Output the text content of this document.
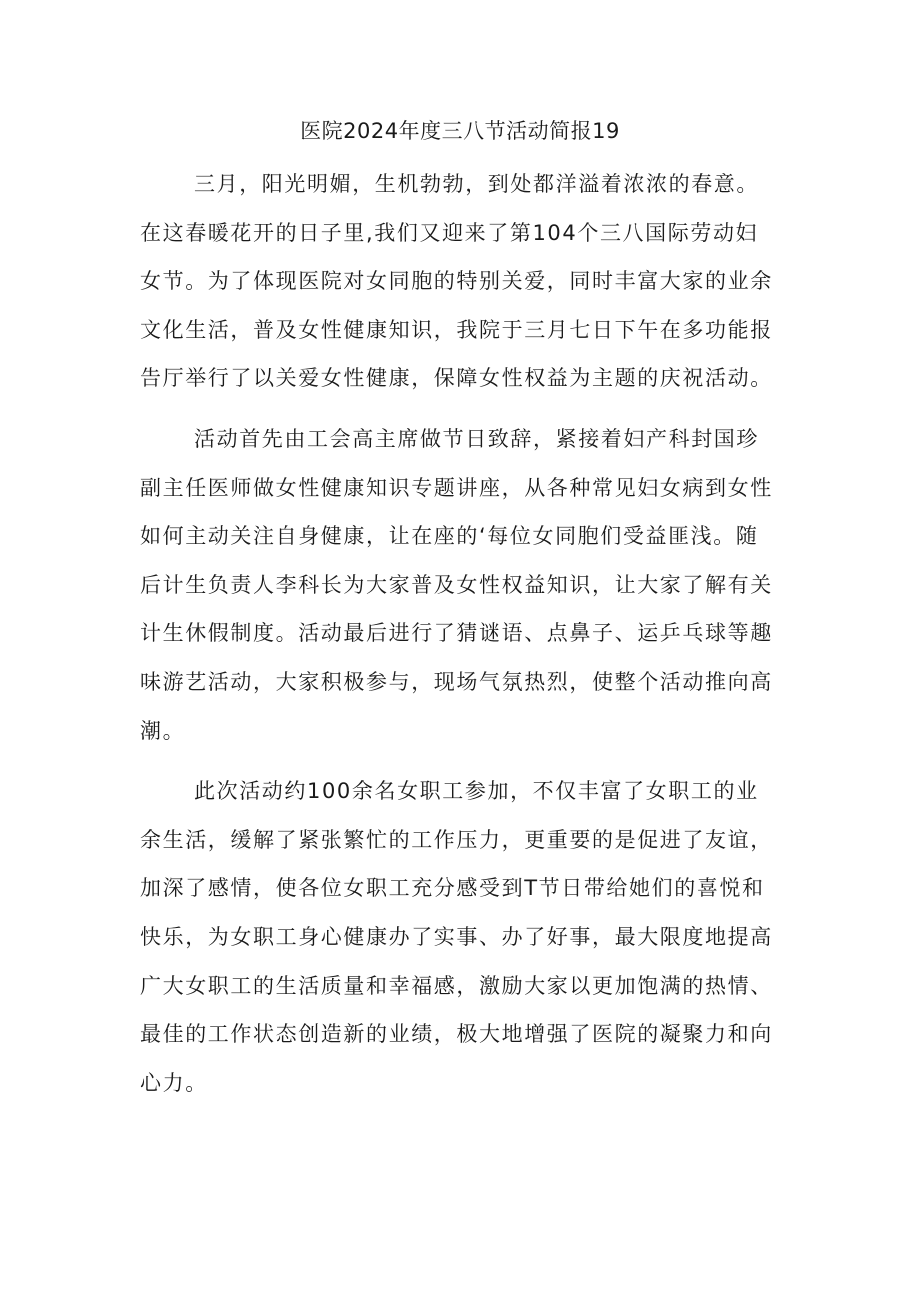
医院2024年度三八节活动简报19
三月，阳光明媚，生机勃勃，到处都洋溢着浓浓的春意。
在这春暖花开的日子里,我们又迎来了第104个三八国际劳动妇
女节。为了体现医院对女同胞的特别关爱，同时丰富大家的业余
文化生活，普及女性健康知识，我院于三月七日下午在多功能报
告厅举行了以关爱女性健康，保障女性权益为主题的庆祝活动。
活动首先由工会高主席做节日致辞，紧接着妇产科封国珍
副主任医师做女性健康知识专题讲座，从各种常见妇女病到女性
如何主动关注自身健康，让在座的‘每位女同胞们受益匪浅。随
后计生负责人李科长为大家普及女性权益知识，让大家了解有关
计生休假制度。活动最后进行了猜谜语、点鼻子、运乒乓球等趣
味游艺活动，大家积极参与，现场气氛热烈，使整个活动推向高
潮。
此次活动约100余名女职工参加，不仅丰富了女职工的业
余生活，缓解了紧张繁忙的工作压力，更重要的是促进了友谊，
加深了感情，使各位女职工充分感受到T节日带给她们的喜悦和
快乐，为女职工身心健康办了实事、办了好事，最大限度地提高
广大女职工的生活质量和幸福感，激励大家以更加饱满的热情、
最佳的工作状态创造新的业绩，极大地增强了医院的凝聚力和向
心力。
